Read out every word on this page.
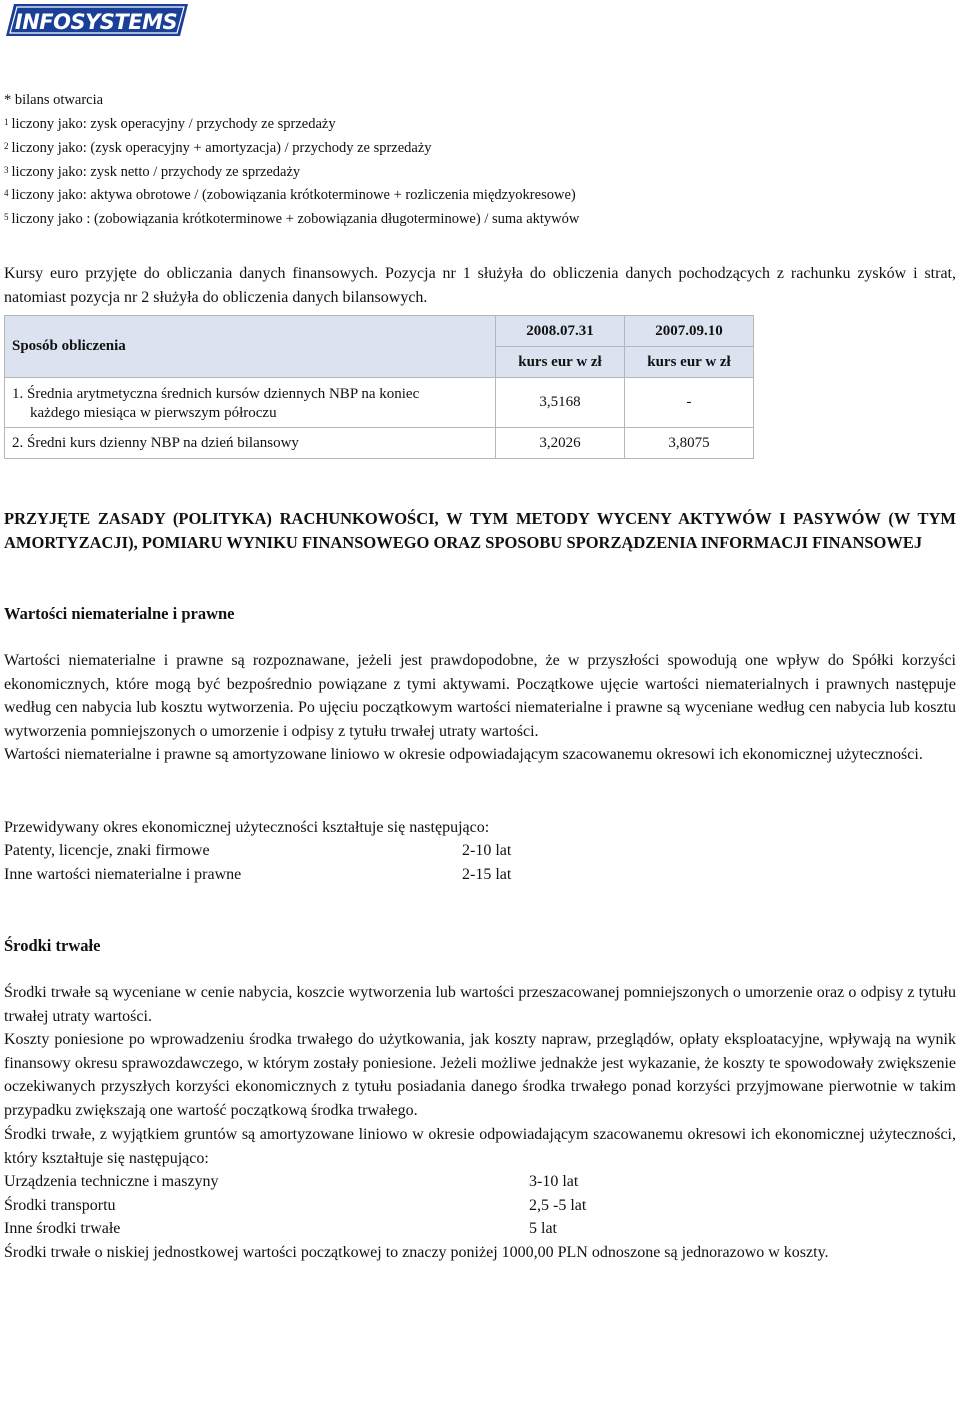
INFOSYSTEMS
* bilans otwarcia
$^1$ liczony jako: zysk operacyjny / przychody ze sprzedaży
$^2$ liczony jako: (zysk operacyjny + amortyzacja) / przychody ze sprzedaży
$^3$ liczony jako: zysk netto / przychody ze sprzedaży
$^4$ liczony jako: aktywa obrotowe / (zobowiązania krótkoterminowe + rozliczenia międzyokresowe)
$^5$ liczony jako : (zobowiązania krótkoterminowe + zobowiązania długoterminowe) / suma aktywów

Kursy euro przyjęte do obliczania danych finansowych. Pozycja nr 1 służyła do obliczenia danych pochodzących z rachunku zysków i strat, natomiast pozycja nr 2 służyła do obliczenia danych bilansowych.

Sposób obliczenia	2008.07.31	2007.09.10
	kurs eur w zł	kurs eur w zł
1. Średnia arytmetyczna średnich kursów dziennych NBP na koniec
każdego miesiąca w pierwszym półroczu	3,5168	-
2. Średni kurs dzienny NBP na dzień bilansowy	3,2026	3,8075
PRZYJĘTE ZASADY (POLITYKA) RACHUNKOWOŚCI, W TYM METODY WYCENY AKTYWÓW I PASYWÓW (W TYM AMORTYZACJI), POMIARU WYNIKU FINANSOWEGO ORAZ SPOSOBU SPORZĄDZENIA INFORMACJI FINANSOWEJ
Wartości niematerialne i prawne

Wartości niematerialne i prawne są rozpoznawane, jeżeli jest prawdopodobne, że w przyszłości spowodują one wpływ do Spółki korzyści ekonomicznych, które mogą być bezpośrednio powiązane z tymi aktywami. Początkowe ujęcie wartości niematerialnych i prawnych następuje według cen nabycia lub kosztu wytworzenia. Po ujęciu początkowym wartości niematerialne i prawne są wyceniane według cen nabycia lub kosztu wytworzenia pomniejszonych o umorzenie i odpisy z tytułu trwałej utraty wartości.

Wartości niematerialne i prawne są amortyzowane liniowo w okresie odpowiadającym szacowanemu okresowi ich ekonomicznej użyteczności.

Przewidywany okres ekonomicznej użyteczności kształtuje się następująco:

Patenty, licencje, znaki firmowe	2-10 lat
Inne wartości niematerialne i prawne	2-15 lat
Środki trwałe

Środki trwałe są wyceniane w cenie nabycia, koszcie wytworzenia lub wartości przeszacowanej pomniejszonych o umorzenie oraz o odpisy z tytułu trwałej utraty wartości.

Koszty poniesione po wprowadzeniu środka trwałego do użytkowania, jak koszty napraw, przeglądów, opłaty eksploatacyjne, wpływają na wynik finansowy okresu sprawozdawczego, w którym zostały poniesione. Jeżeli możliwe jednakże jest wykazanie, że koszty te spowodowały zwiększenie oczekiwanych przyszłych korzyści ekonomicznych z tytułu posiadania danego środka trwałego ponad korzyści przyjmowane pierwotnie w takim przypadku zwiększają one wartość początkową środka trwałego.

Środki trwałe, z wyjątkiem gruntów są amortyzowane liniowo w okresie odpowiadającym szacowanemu okresowi ich ekonomicznej użyteczności, który kształtuje się następująco:

Urządzenia techniczne i maszyny	3-10 lat
Środki transportu	2,5 -5 lat
Inne środki trwałe	5 lat

Środki trwałe o niskiej jednostkowej wartości początkowej to znaczy poniżej 1000,00 PLN odnoszone są jednorazowo w koszty.
